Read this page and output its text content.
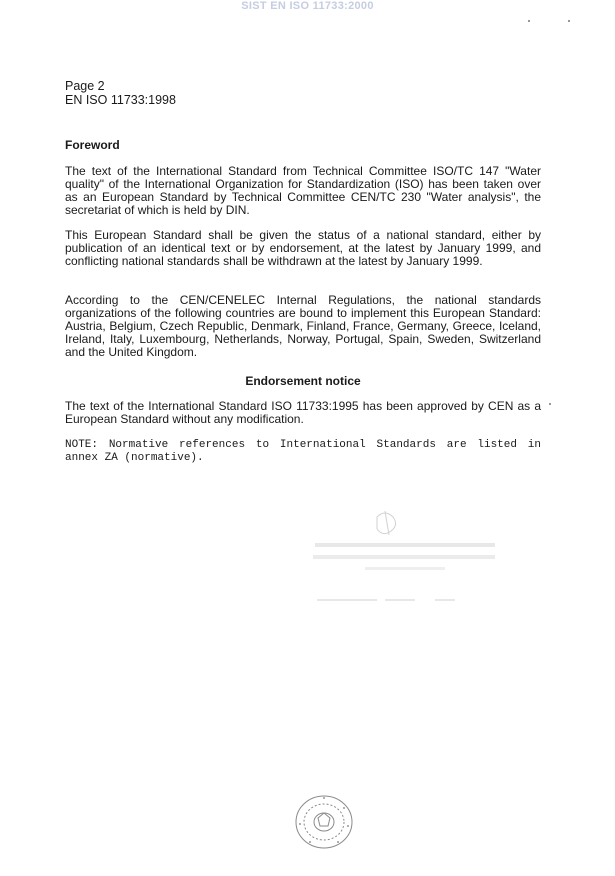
SIST EN ISO 11733:2000
Page 2
EN ISO 11733:1998
Foreword

The text of the International Standard from Technical Committee ISO/TC 147 "Water quality" of the International Organization for Standardization (ISO) has been taken over as an European Standard by Technical Committee CEN/TC 230 "Water analysis", the secretariat of which is held by DIN.

This European Standard shall be given the status of a national standard, either by publication of an identical text or by endorsement, at the latest by January 1999, and conflicting national standards shall be withdrawn at the latest by January 1999.

According to the CEN/CENELEC Internal Regulations, the national standards organizations of the following countries are bound to implement this European Standard: Austria, Belgium, Czech Republic, Denmark, Finland, France, Germany, Greece, Iceland, Ireland, Italy, Luxembourg, Netherlands, Norway, Portugal, Spain, Sweden, Switzerland and the United Kingdom.

Endorsement notice

The text of the International Standard ISO 11733:1995 has been approved by CEN as a European Standard without any modification.

NOTE: Normative references to International Standards are listed in annex ZA (normative).
